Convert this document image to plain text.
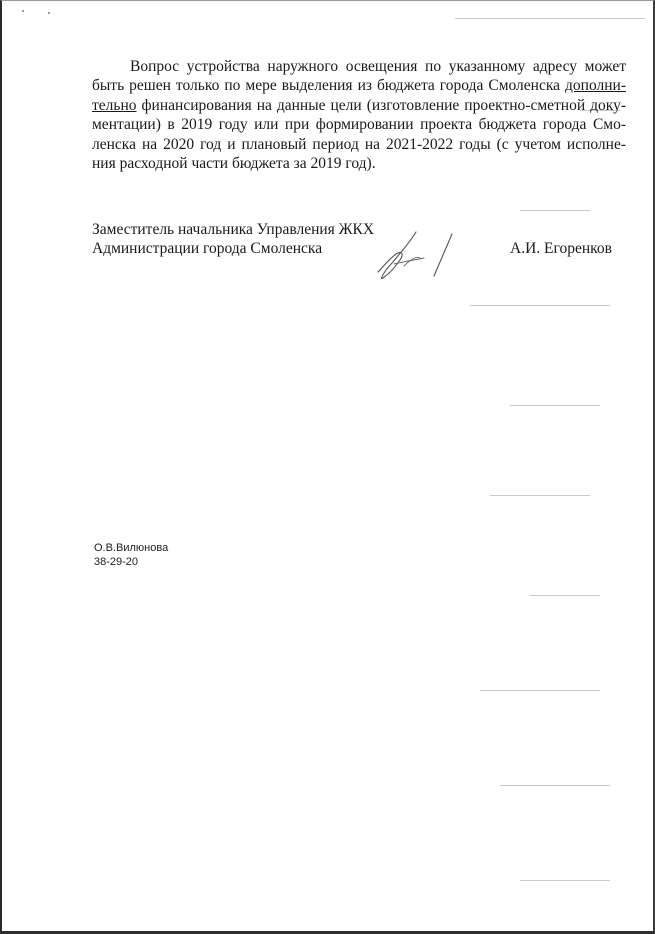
Вопрос устройства наружного освещения по указанному адресу может
быть решен только по мере выделения из бюджета города Смоленска дополни-
тельно финансирования на данные цели (изготовление проектно-сметной доку-
ментации) в 2019 году или при формировании проекта бюджета города Смо-
ленска на 2020 год и плановый период на 2021-2022 годы (с учетом исполне-
ния расходной части бюджета за 2019 год).
Заместитель начальника Управления ЖКХ
Администрации города Смоленска	А.И. Егоренков
О.В.Вилюнова
38-29-20
